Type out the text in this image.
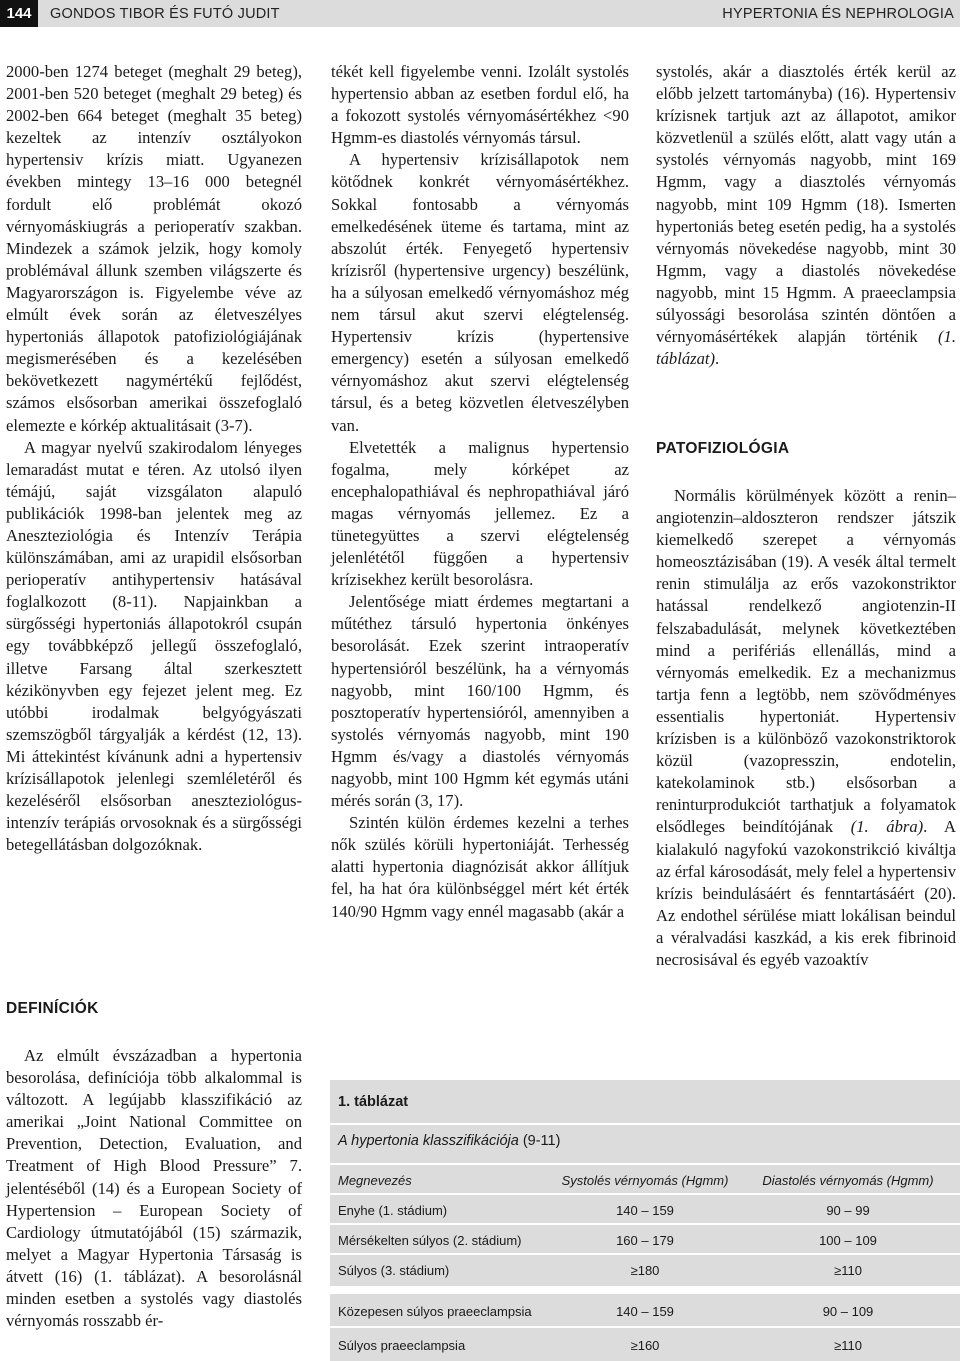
144	GONDOS TIBOR ÉS FUTÓ JUDIT	HYPERTONIA ÉS NEPHROLOGIA

2000-ben 1274 beteget (meghalt 29 beteg), 2001-ben 520 beteget (meghalt 29 beteg) és 2002-ben 664 beteget (meghalt 35 beteg) kezeltek az intenzív osztályokon hypertensiv krízis miatt. Ugyanezen években mintegy 13–16 000 betegnél fordult elő problémát okozó vérnyomáskiugrás a perioperatív szakban. Mindezek a számok jelzik, hogy komoly problémával állunk szemben világszerte és Magyarországon is. Figyelembe véve az elmúlt évek során az életveszélyes hypertoniás állapotok patofiziológiájának megismerésében és a kezelésében bekövetkezett nagymértékű fejlődést, számos elsősorban amerikai összefoglaló elemezte e kórkép aktualitásait (3-7).

A magyar nyelvű szakirodalom lényeges lemaradást mutat e téren. Az utolsó ilyen témájú, saját vizsgálaton alapuló publikációk 1998-ban jelentek meg az Aneszteziológia és Intenzív Terápia különszámában, ami az urapidil elsősorban perioperatív antihypertensiv hatásával foglalkozott (8-11). Napjainkban a sürgősségi hypertoniás állapotokról csupán egy továbbképző jellegű összefoglaló, illetve Farsang által szerkesztett kézikönyvben egy fejezet jelent meg. Ez utóbbi irodalmak belgyógyászati szemszögből tárgyalják a kérdést (12, 13). Mi áttekintést kívánunk adni a hypertensiv krízisállapotok jelenlegi szemléletéről és kezeléséről elsősorban aneszteziológus-intenzív terápiás orvosoknak és a sürgősségi betegellátásban dolgozóknak.

DEFINÍCIÓK

Az elmúlt évszázadban a hypertonia besorolása, definíciója több alkalommal is változott. A legújabb klasszifikáció az amerikai „Joint National Committee on Prevention, Detection, Evaluation, and Treatment of High Blood Pressure” 7. jelentéséből (14) és a European Society of Hypertension – European Society of Cardiology útmutatójából (15) származik, melyet a Magyar Hypertonia Társaság is átvett (16) (1. táblázat). A besorolásnál minden esetben a systolés vagy diastolés vérnyomás rosszabb ér-

tékét kell figyelembe venni. Izolált systolés hypertensio abban az esetben fordul elő, ha a fokozott systolés vérnyomásértékhez <90 Hgmm-es diastolés vérnyomás társul.

A hypertensiv krízisállapotok nem kötődnek konkrét vérnyomásértékhez. Sokkal fontosabb a vérnyomás emelkedésének üteme és tartama, mint az abszolút érték. Fenyegető hypertensiv krízisről (hypertensive urgency) beszélünk, ha a súlyosan emelkedő vérnyomáshoz még nem társul akut szervi elégtelenség. Hypertensiv krízis (hypertensive emergency) esetén a súlyosan emelkedő vérnyomáshoz akut szervi elégtelenség társul, és a beteg közvetlen életveszélyben van.

Elvetették a malignus hypertensio fogalma, mely kórképet az encephalopathiával és nephropathiával járó magas vérnyomás jellemez. Ez a tünetegyüttes a szervi elégtelenség jelenlététől függően a hypertensiv krízisekhez került besorolásra.

Jelentősége miatt érdemes megtartani a műtéthez társuló hypertonia önkényes besorolását. Ezek szerint intraoperatív hypertensióról beszélünk, ha a vérnyomás nagyobb, mint 160/100 Hgmm, és posztoperatív hypertensióról, amennyiben a systolés vérnyomás nagyobb, mint 190 Hgmm és/vagy a diastolés vérnyomás nagyobb, mint 100 Hgmm két egymás utáni mérés során (3, 17).

Szintén külön érdemes kezelni a terhes nők szülés körüli hypertoniáját. Terhesség alatti hypertonia diagnózisát akkor állítjuk fel, ha hat óra különbséggel mért két érték 140/90 Hgmm vagy ennél magasabb (akár a

systolés, akár a diasztolés érték kerül az előbb jelzett tartományba) (16). Hypertensiv krízisnek tartjuk azt az állapotot, amikor közvetlenül a szülés előtt, alatt vagy után a systolés vérnyomás nagyobb, mint 169 Hgmm, vagy a diasztolés vérnyomás nagyobb, mint 109 Hgmm (18). Ismerten hypertoniás beteg esetén pedig, ha a systolés vérnyomás növekedése nagyobb, mint 30 Hgmm, vagy a diastolés növekedése nagyobb, mint 15 Hgmm. A praeeclampsia súlyossági besorolása szintén döntően a vérnyomásértékek alapján történik (1. táblázat).

PATOFIZIOLÓGIA

Normális körülmények között a renin–angiotenzin–aldoszteron rendszer játszik kiemelkedő szerepet a vérnyomás homeosztázisában (19). A vesék által termelt renin stimulálja az erős vazokonstriktor hatással rendelkező angiotenzin-II felszabadulását, melynek következtében mind a perifériás ellenállás, mind a vérnyomás emelkedik. Ez a mechanizmus tartja fenn a legtöbb, nem szövődményes essentialis hypertoniát. Hypertensiv krízisben is a különböző vazokonstriktorok közül (vazopresszin, endotelin, katekolaminok stb.) elsősorban a reninturprodukciót tarthatjuk a folyamatok elsődleges beindítójának (1. ábra). A kialakuló nagyfokú vazokonstrikció kiváltja az érfal károsodását, mely felel a hypertensiv krízis beindulásáért és fenntartásáért (20). Az endothel sérülése miatt lokálisan beindul a véralvadási kaszkád, a kis erek fibrinoid necrosisával és egyéb vazoaktív

1. táblázat
A hypertonia klasszifikációja (9-11)
Megnevezés	Systolés vérnyomás (Hgmm)	Diastolés vérnyomás (Hgmm)
Enyhe (1. stádium)	140 – 159	90 – 99
Mérsékelten súlyos (2. stádium)	160 – 179	100 – 109
Súlyos (3. stádium)	≥180	≥110
Közepesen súlyos praeeclampsia	140 – 159	90 – 109
Súlyos praeeclampsia	≥160	≥110
